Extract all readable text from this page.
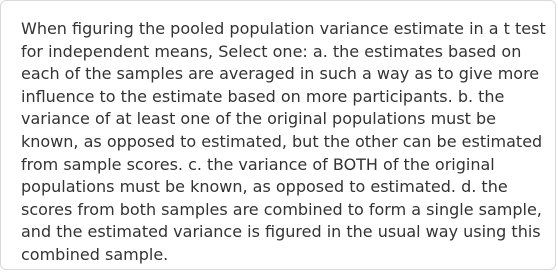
When figuring the pooled population variance estimate in a t test for independent means, Select one: a. the estimates based on each of the samples are averaged in such a way as to give more influence to the estimate based on more participants. b. the variance of at least one of the original populations must be known, as opposed to estimated, but the other can be estimated from sample scores. c. the variance of BOTH of the original populations must be known, as opposed to estimated. d. the scores from both samples are combined to form a single sample, and the estimated variance is figured in the usual way using this combined sample.
